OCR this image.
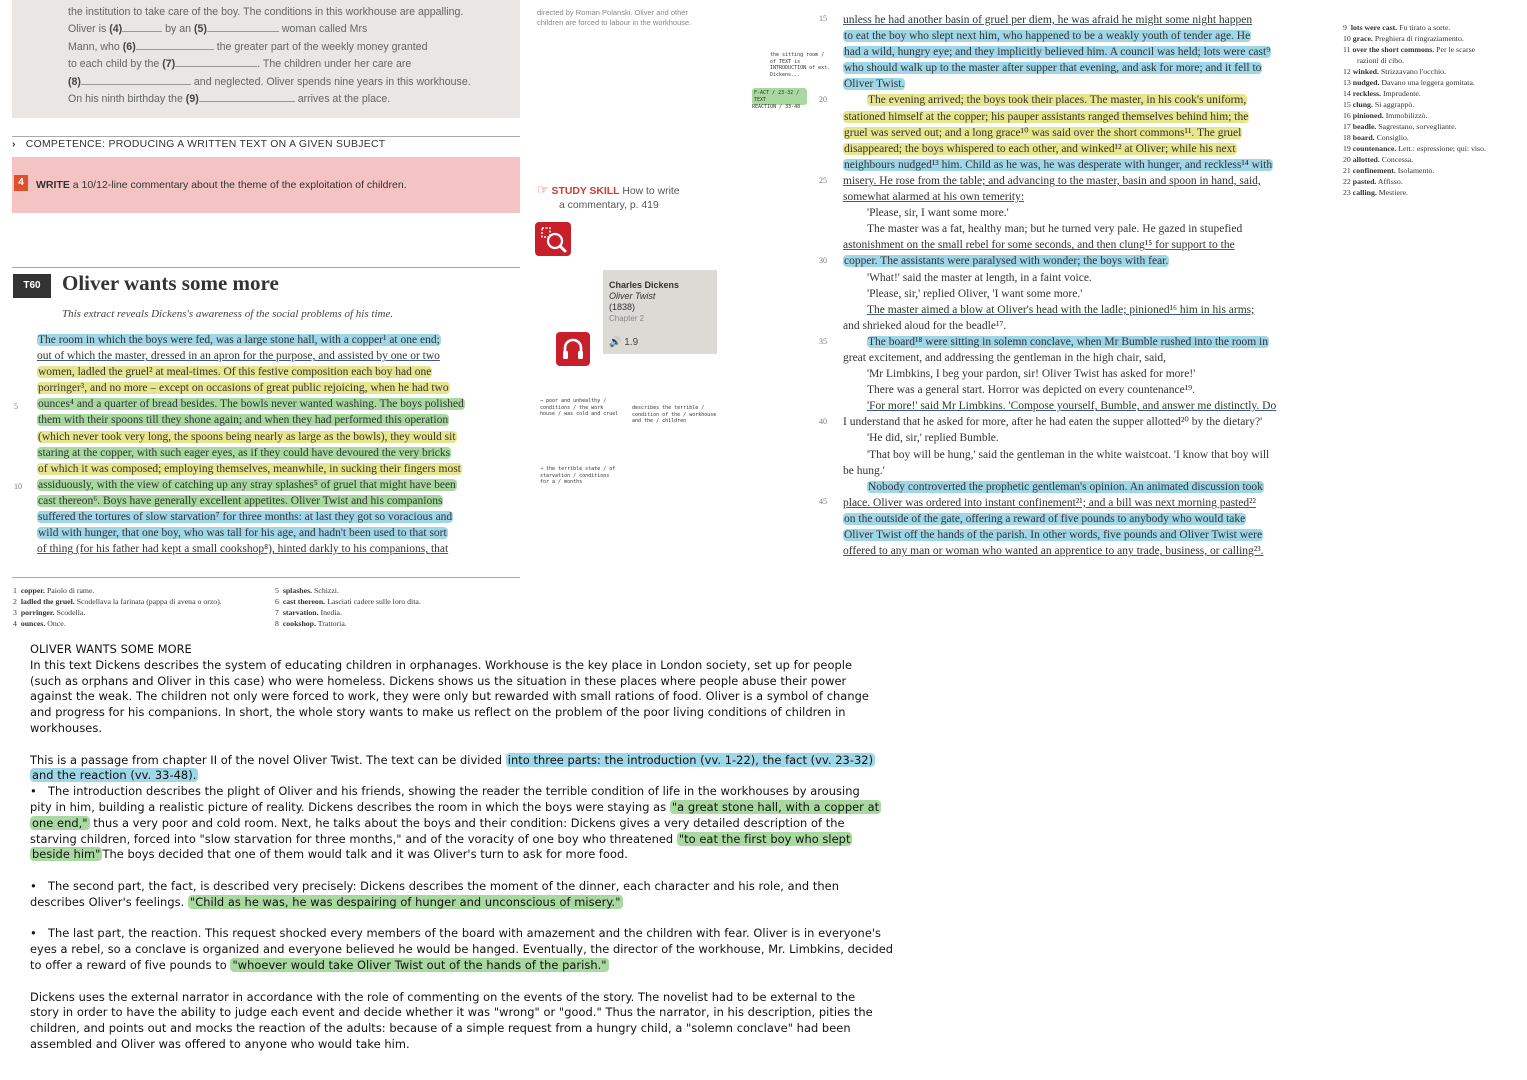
the institution to take care of the boy. The conditions in this workhouse are appalling.
Oliver is (4)	by an (5)	woman called Mrs
Mann, who (6)	the greater part of the weekly money granted
to each child by the (7)	. The children under her care are
(8)	and neglected. Oliver spends nine years in this workhouse.
On his ninth birthday the (9)	arrives at the place.
directed by Roman Polanski. Oliver and other
children are forced to labour in the workhouse.
› COMPETENCE: PRODUCING A WRITTEN TEXT ON A GIVEN SUBJECT
4	WRITE a 10/12-line commentary about the theme of the exploitation of children.	☞ STUDY SKILL How to write
a commentary, p. 419
T60	Oliver wants some more
This extract reveals Dickens's awareness of the social problems of his time.
Charles Dickens
Oliver Twist
(1838)
Chapter 2
🔊 1.9
The room in which the boys were fed, was a large stone hall, with a copper¹ at one end;
out of which the master, dressed in an apron for the purpose, and assisted by one or two
women, ladled the gruel² at meal-times. Of this festive composition each boy had one
porringer³, and no more – except on occasions of great public rejoicing, when he had two
ounces⁴ and a quarter of bread besides. The bowls never wanted washing. The boys polished
them with their spoons till they shone again; and when they had performed this operation
(which never took very long, the spoons being nearly as large as the bowls), they would sit
staring at the copper, with such eager eyes, as if they could have devoured the very bricks
of which it was composed; employing themselves, meanwhile, in sucking their fingers most
assiduously, with the view of catching up any stray splashes⁵ of gruel that might have been
cast thereon⁶. Boys have generally excellent appetites. Oliver Twist and his companions
suffered the tortures of slow starvation⁷ for three months: at last they got so voracious and
wild with hunger, that one boy, who was tall for his age, and hadn't been used to that sort
of thing (for his father had kept a small cookshop⁸), hinted darkly to his companions, that
5
10
→ poor and unhealthy / conditions / the work house / was cold and cruel
describes the terrible / condition of the / workhouse and the / children
→ the terrible state / of starvation / conditions for a / months
the sitting room / of TEXT is INTRODUCTION of ext. Dickens...
F-ACT / 23-32 / TEXT
REACTION / 33-48
1 copper. Paiolo di rame.
2 ladled the gruel. Scodellava la farinata (pappa di avena o orzo).
3 porringer. Scodella.
4 ounces. Once.
5 splashes. Schizzi.
6 cast thereon. Lasciati cadere sulle loro dita.
7 starvation. Inedia.
8 cookshop. Trattoria.
unless he had another basin of gruel per diem, he was afraid he might some night happen
to eat the boy who slept next him, who happened to be a weakly youth of tender age. He
had a wild, hungry eye; and they implicitly believed him. A council was held; lots were cast⁹
who should walk up to the master after supper that evening, and ask for more; and it fell to
Oliver Twist.
The evening arrived; the boys took their places. The master, in his cook's uniform,
stationed himself at the copper; his pauper assistants ranged themselves behind him; the
gruel was served out; and a long grace¹⁰ was said over the short commons¹¹. The gruel
disappeared; the boys whispered to each other, and winked¹² at Oliver; while his next
neighbours nudged¹³ him. Child as he was, he was desperate with hunger, and reckless¹⁴ with
misery. He rose from the table; and advancing to the master, basin and spoon in hand, said,
somewhat alarmed at his own temerity:
'Please, sir, I want some more.'
The master was a fat, healthy man; but he turned very pale. He gazed in stupefied
astonishment on the small rebel for some seconds, and then clung¹⁵ for support to the
copper. The assistants were paralysed with wonder; the boys with fear.
'What!' said the master at length, in a faint voice.
'Please, sir,' replied Oliver, 'I want some more.'
The master aimed a blow at Oliver's head with the ladle; pinioned¹⁶ him in his arms;
and shrieked aloud for the beadle¹⁷.
The board¹⁸ were sitting in solemn conclave, when Mr Bumble rushed into the room in
great excitement, and addressing the gentleman in the high chair, said,
'Mr Limbkins, I beg your pardon, sir! Oliver Twist has asked for more!'
There was a general start. Horror was depicted on every countenance¹⁹.
'For more!' said Mr Limbkins. 'Compose yourself, Bumble, and answer me distinctly. Do
I understand that he asked for more, after he had eaten the supper allotted²⁰ by the dietary?'
'He did, sir,' replied Bumble.
'That boy will be hung,' said the gentleman in the white waistcoat. 'I know that boy will
be hung.'
Nobody controverted the prophetic gentleman's opinion. An animated discussion took
place. Oliver was ordered into instant confinement²¹; and a bill was next morning pasted²²
on the outside of the gate, offering a reward of five pounds to anybody who would take
Oliver Twist off the hands of the parish. In other words, five pounds and Oliver Twist were
offered to any man or woman who wanted an apprentice to any trade, business, or calling²³.
15
20
25
30
35
40
45
9 lots were cast. Fu tirato a sorte.
10 grace. Preghiera di ringraziamento.
11 over the short commons. Per le scarse
razioni di cibo.
12 winked. Strizzavano l'occhio.
13 nudged. Davano una leggera gomitata.
14 reckless. Imprudente.
15 clung. Si aggrappò.
16 pinioned. Immobilizzò.
17 beadle. Sagrestano, sorvegliante.
18 board. Consiglio.
19 countenance. Lett.: espressione; qui: viso.
20 allotted. Concessa.
21 confinement. Isolamento.
22 pasted. Affisso.
23 calling. Mestiere.
OLIVER WANTS SOME MORE
In this text Dickens describes the system of educating children in orphanages. Workhouse is the key place in London society, set up for people
(such as orphans and Oliver in this case) who were homeless. Dickens shows us the situation in these places where people abuse their power
against the weak. The children not only were forced to work, they were only but rewarded with small rations of food. Oliver is a symbol of change
and progress for his companions. In short, the whole story wants to make us reflect on the problem of the poor living conditions of children in
workhouses.
This is a passage from chapter II of the novel Oliver Twist. The text can be divided into three parts: the introduction (vv. 1-22), the fact (vv. 23-32)
and the reaction (vv. 33-48).
• The introduction describes the plight of Oliver and his friends, showing the reader the terrible condition of life in the workhouses by arousing
pity in him, building a realistic picture of reality. Dickens describes the room in which the boys were staying as "a great stone hall, with a copper at
one end," thus a very poor and cold room. Next, he talks about the boys and their condition: Dickens gives a very detailed description of the
starving children, forced into "slow starvation for three months," and of the voracity of one boy who threatened "to eat the first boy who slept
beside him" The boys decided that one of them would talk and it was Oliver's turn to ask for more food.
• The second part, the fact, is described very precisely: Dickens describes the moment of the dinner, each character and his role, and then
describes Oliver's feelings. "Child as he was, he was despairing of hunger and unconscious of misery."
• The last part, the reaction. This request shocked every members of the board with amazement and the children with fear. Oliver is in everyone's
eyes a rebel, so a conclave is organized and everyone believed he would be hanged. Eventually, the director of the workhouse, Mr. Limbkins, decided
to offer a reward of five pounds to "whoever would take Oliver Twist out of the hands of the parish."
Dickens uses the external narrator in accordance with the role of commenting on the events of the story. The novelist had to be external to the
story in order to have the ability to judge each event and decide whether it was "wrong" or "good." Thus the narrator, in his description, pities the
children, and points out and mocks the reaction of the adults: because of a simple request from a hungry child, a "solemn conclave" had been
assembled and Oliver was offered to anyone who would take him.
